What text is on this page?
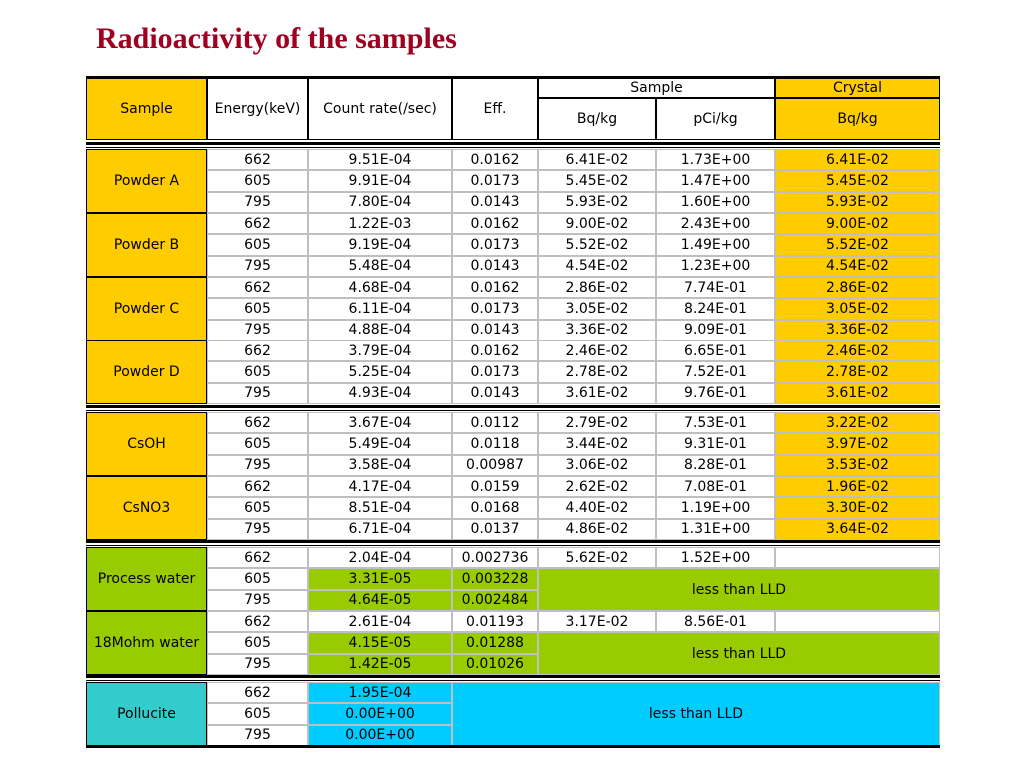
Radioactivity of the samples
Sample	Energy(keV)	Count rate(/sec)	Eff.
Sample	Crystal
Bq/kg	pCi/kg	Bq/kg
Powder A
662	9.51E-04	0.0162	6.41E-02	1.73E+00	6.41E-02
605	9.91E-04	0.0173	5.45E-02	1.47E+00	5.45E-02
795	7.80E-04	0.0143	5.93E-02	1.60E+00	5.93E-02
Powder B
662	1.22E-03	0.0162	9.00E-02	2.43E+00	9.00E-02
605	9.19E-04	0.0173	5.52E-02	1.49E+00	5.52E-02
795	5.48E-04	0.0143	4.54E-02	1.23E+00	4.54E-02
Powder C
662	4.68E-04	0.0162	2.86E-02	7.74E-01	2.86E-02
605	6.11E-04	0.0173	3.05E-02	8.24E-01	3.05E-02
795	4.88E-04	0.0143	3.36E-02	9.09E-01	3.36E-02
Powder D
662	3.79E-04	0.0162	2.46E-02	6.65E-01	2.46E-02
605	5.25E-04	0.0173	2.78E-02	7.52E-01	2.78E-02
795	4.93E-04	0.0143	3.61E-02	9.76E-01	3.61E-02
CsOH
662	3.67E-04	0.0112	2.79E-02	7.53E-01	3.22E-02
605	5.49E-04	0.0118	3.44E-02	9.31E-01	3.97E-02
795	3.58E-04	0.00987	3.06E-02	8.28E-01	3.53E-02
CsNO3
662	4.17E-04	0.0159	2.62E-02	7.08E-01	1.96E-02
605	8.51E-04	0.0168	4.40E-02	1.19E+00	3.30E-02
795	6.71E-04	0.0137	4.86E-02	1.31E+00	3.64E-02
Process water
662	2.04E-04	0.002736	5.62E-02	1.52E+00
605	3.31E-05	0.003228
795	4.64E-05	0.002484
less than LLD
18Mohm water
662	2.61E-04	0.01193	3.17E-02	8.56E-01
605	4.15E-05	0.01288
795	1.42E-05	0.01026
less than LLD
Pollucite
662	1.95E-04
605	0.00E+00
795	0.00E+00
less than LLD
